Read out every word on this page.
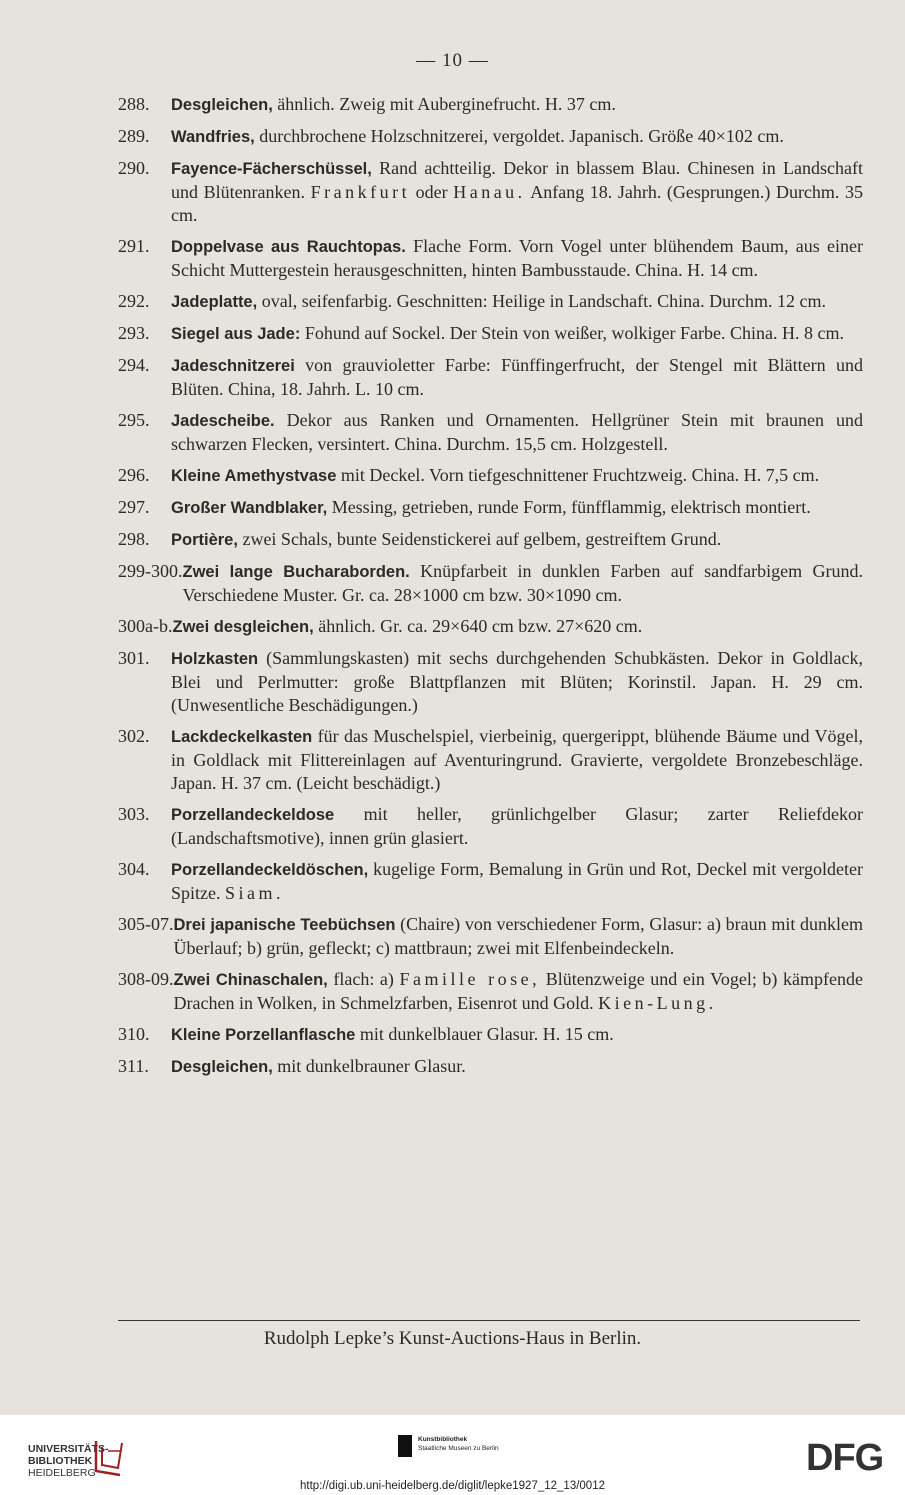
— 10 —
288.	Desgleichen, ähnlich. Zweig mit Auberginefrucht. H. 37 cm.
289.	Wandfries, durchbrochene Holzschnitzerei, vergoldet. Japanisch. Größe 40×102 cm.
290.	Fayence-Fächerschüssel, Rand achtteilig. Dekor in blassem Blau. Chinesen in Landschaft und Blütenranken. Frankfurt oder Hanau. Anfang 18. Jahrh. (Gesprungen.) Durchm. 35 cm.
291.	Doppelvase aus Rauchtopas. Flache Form. Vorn Vogel unter blühendem Baum, aus einer Schicht Muttergestein herausgeschnitten, hinten Bambusstaude. China. H. 14 cm.
292.	Jadeplatte, oval, seifenfarbig. Geschnitten: Heilige in Landschaft. China. Durchm. 12 cm.
293.	Siegel aus Jade: Fohund auf Sockel. Der Stein von weißer, wolkiger Farbe. China. H. 8 cm.
294.	Jadeschnitzerei von grauvioletter Farbe: Fünffingerfrucht, der Stengel mit Blättern und Blüten. China, 18. Jahrh. L. 10 cm.
295.	Jadescheibe. Dekor aus Ranken und Ornamenten. Hellgrüner Stein mit braunen und schwarzen Flecken, versintert. China. Durchm. 15,5 cm. Holzgestell.
296.	Kleine Amethystvase mit Deckel. Vorn tiefgeschnittener Fruchtzweig. China. H. 7,5 cm.
297.	Großer Wandblaker, Messing, getrieben, runde Form, fünfflammig, elektrisch montiert.
298.	Portière, zwei Schals, bunte Seidenstickerei auf gelbem, gestreiftem Grund.
299-300. Zwei lange Bucharaborden. Knüpfarbeit in dunklen Farben auf sandfarbigem Grund. Verschiedene Muster. Gr. ca. 28×1000 cm bzw. 30×1090 cm.
300a-b. Zwei desgleichen, ähnlich. Gr. ca. 29×640 cm bzw. 27×620 cm.
301.	Holzkasten (Sammlungskasten) mit sechs durchgehenden Schubkästen. Dekor in Goldlack, Blei und Perlmutter: große Blattpflanzen mit Blüten; Korinstil. Japan. H. 29 cm. (Unwesentliche Beschädigungen.)
302.	Lackdeckelkasten für das Muschelspiel, vierbeinig, quergerippt, blühende Bäume und Vögel, in Goldlack mit Flittereinlagen auf Aventuringrund. Gravierte, vergoldete Bronzebeschläge. Japan. H. 37 cm. (Leicht beschädigt.)
303.	Porzellandeckeldose mit heller, grünlichgelber Glasur; zarter Reliefdekor (Landschaftsmotive), innen grün glasiert.
304.	Porzellandeckeldöschen, kugelige Form, Bemalung in Grün und Rot, Deckel mit vergoldeter Spitze. Siam.
305-07. Drei japanische Teebüchsen (Chaire) von verschiedener Form, Glasur: a) braun mit dunklem Überlauf; b) grün, gefleckt; c) mattbraun; zwei mit Elfenbeindeckeln.
308-09. Zwei Chinaschalen, flach: a) Famille rose, Blütenzweige und ein Vogel; b) kämpfende Drachen in Wolken, in Schmelzfarben, Eisenrot und Gold. Kien-Lung.
310.	Kleine Porzellanflasche mit dunkelblauer Glasur. H. 15 cm.
311.	Desgleichen, mit dunkelbrauner Glasur.
Rudolph Lepke’s Kunst-Auctions-Haus in Berlin.
UNIVERSITÄTS-
BIBLIOTHEK
HEIDELBERG
Kunstbibliothek
Staatliche Museen zu Berlin	DFG
http://digi.ub.uni-heidelberg.de/diglit/lepke1927_12_13/0012
